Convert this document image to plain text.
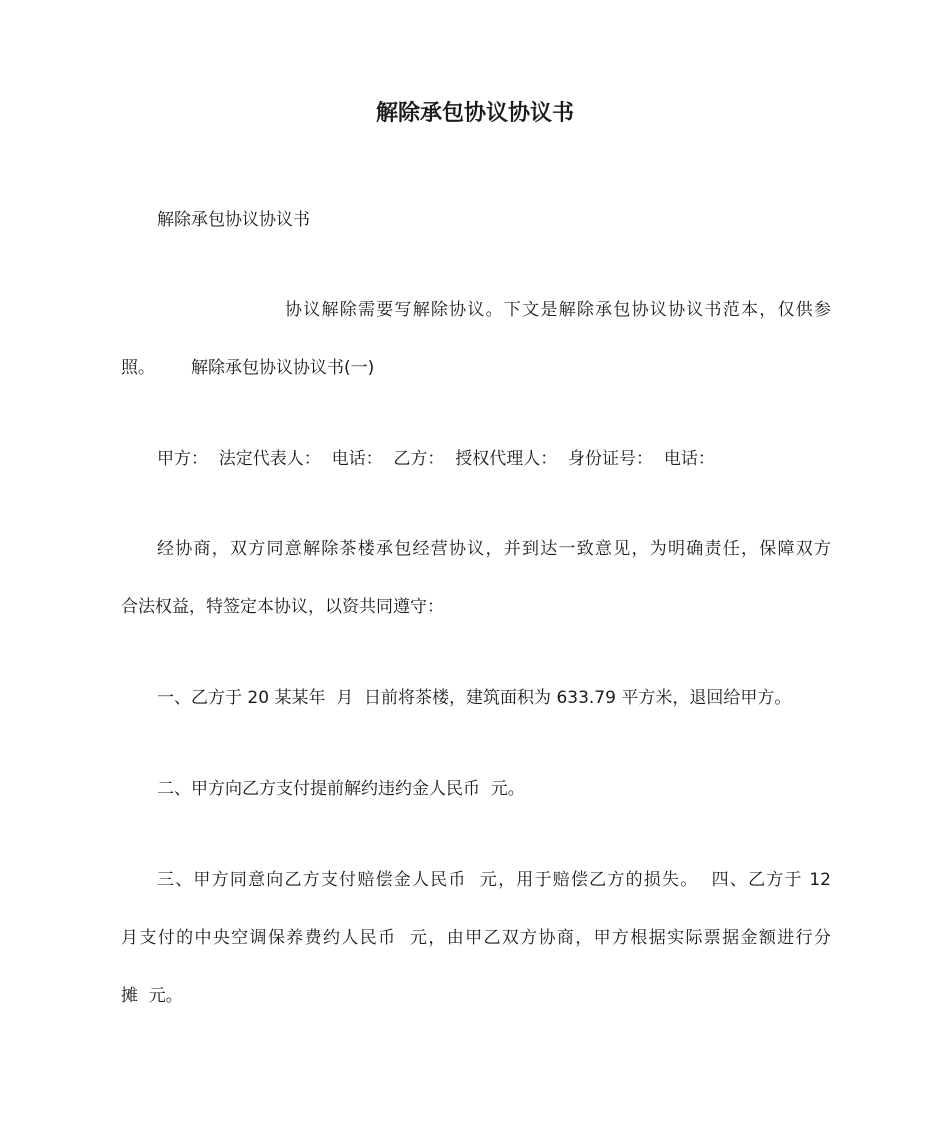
解除承包协议协议书

解除承包协议协议书

协议解除需要写解除协议。下文是解除承包协议协议书范本，仅供参
照。 解除承包协议协议书(一)

甲方：  法定代表人：  电话：  乙方：  授权代理人：  身份证号：  电话：

经协商，双方同意解除茶楼承包经营协议，并到达一致意见，为明确责任，保障双方
合法权益，特签定本协议，以资共同遵守：

一、乙方于 20 某某年  月  日前将茶楼，建筑面积为 633.79 平方米，退回给甲方。

二、甲方向乙方支付提前解约违约金人民币  元。

三、甲方同意向乙方支付赔偿金人民币  元，用于赔偿乙方的损失。  四、乙方于 12
月支付的中央空调保养费约人民币  元，由甲乙双方协商，甲方根据实际票据金额进行分
摊  元。
